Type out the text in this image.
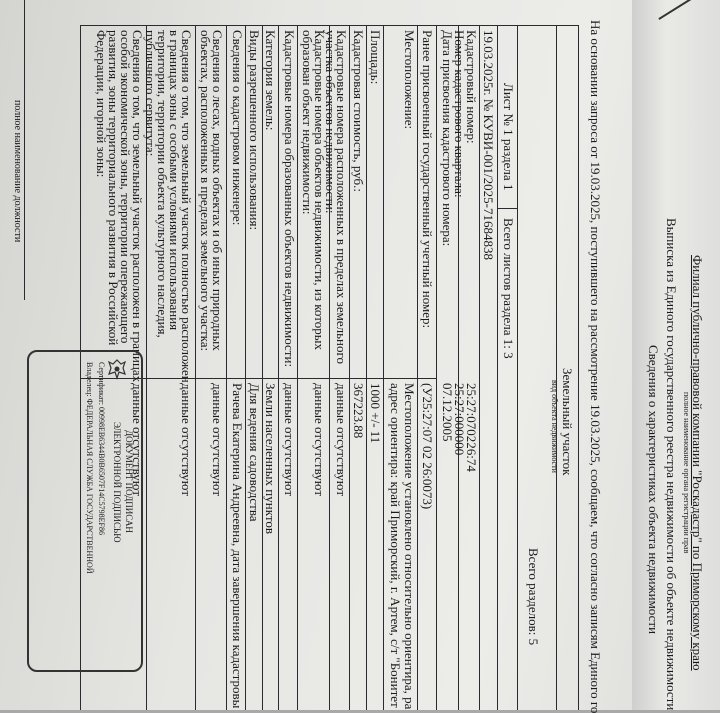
Филиал публично-правовой компании "Роскадастр" по Приморскому краю
полное наименование органа регистрации прав
Выписка из Единого государственного реестра недвижимости об объекте недвижимости
Сведения о характеристиках объекта недвижимости
На основании запроса от 19.03.2025, поступившего на рассмотрение 19.03.2025, сообщаем, что согласно записям Единого го
Земельный участок
вид объекта недвижимости
Лист № 1 раздела 1
Всего листов раздела 1: 3
Всего разделов: 5
19.03.2025г. № КУВИ-001/2025-71684838
Кадастровый номер:
25:27:070226:74
Номер кадастрового квартала:
25:27:000000
Дата присвоения кадастрового номера:
07.12.2005
Ранее присвоенный государственный учетный номер:
(У25:27:07 02 26:0073)
Местоположение:
Местоположение установлено относительно ориентира, ра
адрес ориентира: край Приморский, г. Артем, с/т "Бонитет
Площадь:
1000 +/- 11
Кадастровая стоимость, руб.:
367223.88
Кадастровые номера расположенных в пределах земельного
участка объектов недвижимости:
данные отсутствуют
Кадастровые номера объектов недвижимости, из которых
образован объект недвижимости:
данные отсутствуют
Кадастровые номера образованных объектов недвижимости:
данные отсутствуют
Категория земель:
Земли населенных пунктов
Виды разрешенного использования:
Для ведения садоводства
Сведения о кадастровом инженере:
Рачева Екатерина Андреевна, дата завершения кадастровы
Сведения о лесах, водных объектах и об иных природных
объектах, расположенных в пределах земельного участка:
данные отсутствуют
Сведения о том, что земельный участок полностью расположен
в границах зоны с особыми условиями использования
территории, территории объекта культурного наследия,
публичного сервитута:
данные отсутствуют
Сведения о том, что земельный участок расположен в границах
особой экономической зоны, территории опережающего
развития, зоны территориального развития в Российской
Федерации, игорной зоны:
данные отсутствуют
полное наименование должности
ДОКУМЕНТ ПОДПИСАН
ЭЛЕКТРОННОЙ ПОДПИСЬЮ
Сертификат: 00998EB6344B0B6507F14C5798EF86
Владелец: ФЕДЕРАЛЬНАЯ СЛУЖБА ГОСУДАРСТВЕННОЙ
